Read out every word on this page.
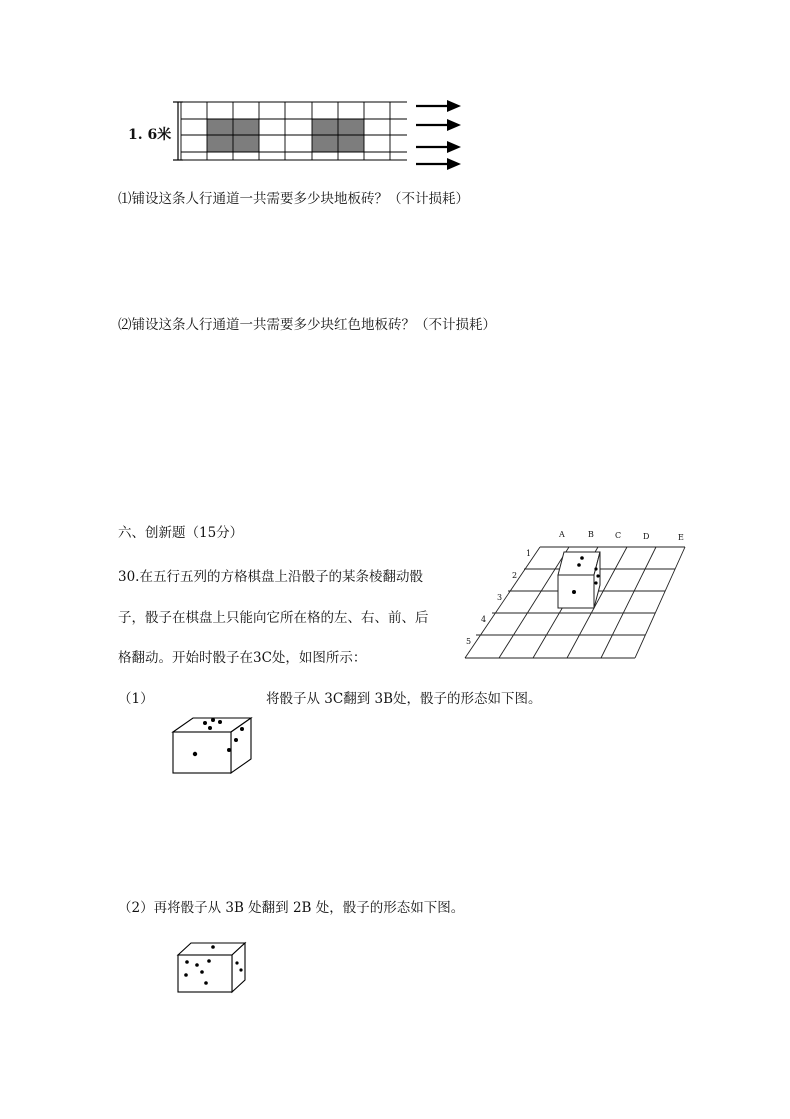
1. 6米
⑴铺设这条人行通道一共需要多少块地板砖？（不计损耗）
⑵铺设这条人行通道一共需要多少块红色地板砖？（不计损耗）
六、创新题（15分）
30.在五行五列的方格棋盘上沿骰子的某条棱翻动骰
子，骰子在棋盘上只能向它所在格的左、右、前、后
格翻动。开始时骰子在3C处，如图所示：
A	B	C	D	E
1
2
3
4
5
（1）	将骰子从 3C翻到 3B处，骰子的形态如下图。
（2）再将骰子从 3B 处翻到 2B 处，骰子的形态如下图。
